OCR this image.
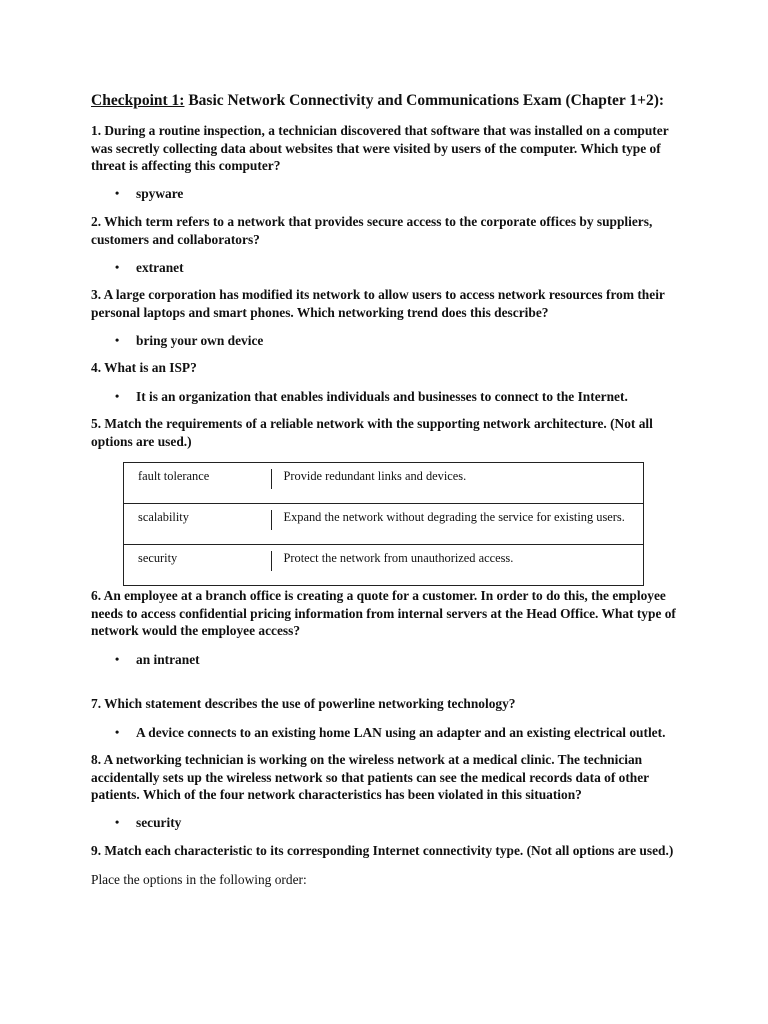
Checkpoint 1: Basic Network Connectivity and Communications Exam (Chapter 1+2):

1. During a routine inspection, a technician discovered that software that was installed on a computer was secretly collecting data about websites that were visited by users of the computer. Which type of threat is affecting this computer?

• spyware

2. Which term refers to a network that provides secure access to the corporate offices by suppliers, customers and collaborators?

• extranet

3. A large corporation has modified its network to allow users to access network resources from their personal laptops and smart phones. Which networking trend does this describe?

• bring your own device

4. What is an ISP?

• It is an organization that enables individuals and businesses to connect to the Internet.

5. Match the requirements of a reliable network with the supporting network architecture. (Not all options are used.)

fault tolerance	Provide redundant links and devices.
scalability	Expand the network without degrading the service for existing users.
security	Protect the network from unauthorized access.

6. An employee at a branch office is creating a quote for a customer. In order to do this, the employee needs to access confidential pricing information from internal servers at the Head Office. What type of network would the employee access?

• an intranet

7. Which statement describes the use of powerline networking technology?

• A device connects to an existing home LAN using an adapter and an existing electrical outlet.

8. A networking technician is working on the wireless network at a medical clinic. The technician accidentally sets up the wireless network so that patients can see the medical records data of other patients. Which of the four network characteristics has been violated in this situation?

• security

9. Match each characteristic to its corresponding Internet connectivity type. (Not all options are used.)

Place the options in the following order:
